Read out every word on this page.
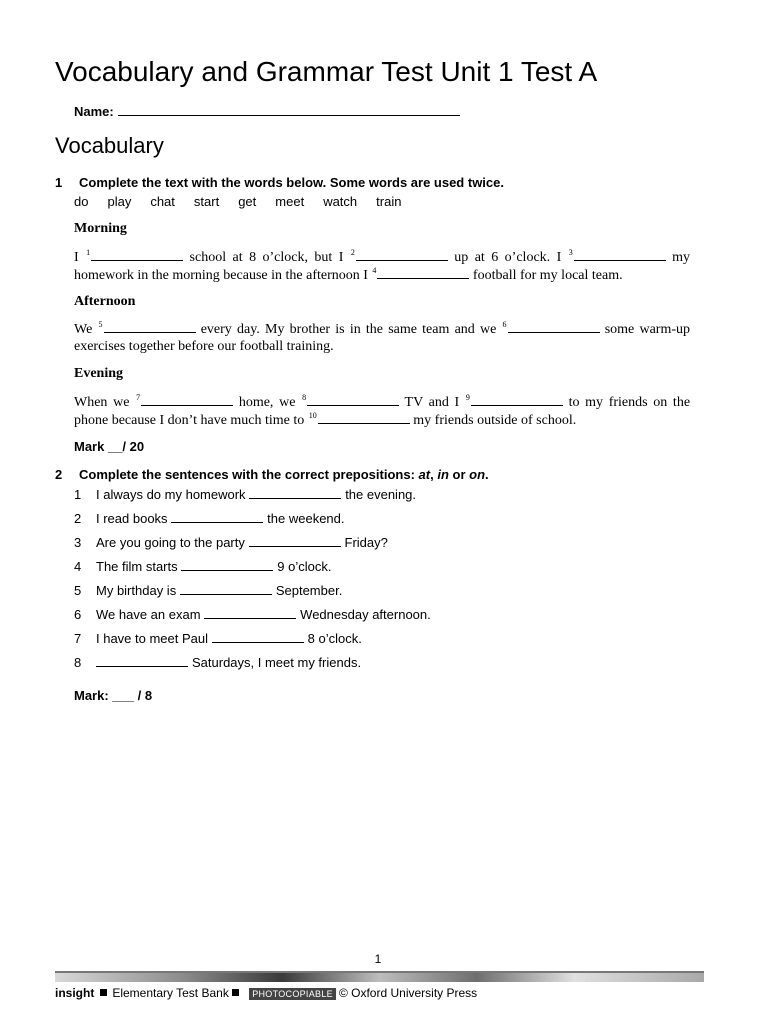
Vocabulary and Grammar Test Unit 1 Test A
Name:
Vocabulary
1 Complete the text with the words below. Some words are used twice.
do play chat start get meet watch train
Morning
I $^1$	school at 8 o’clock, but I $^2$	up at 6 o’clock. I $^3$	my homework in the morning because in the afternoon I $^4$	football for my local team.
Afternoon
We $^5$	every day. My brother is in the same team and we $^6$	some warm-up exercises together before our football training.
Evening
When we $^7$	home, we $^8$	TV and I $^9$	to my friends on the phone because I don’t have much time to $^{10}$	my friends outside of school.
Mark __/ 20
2 Complete the sentences with the correct prepositions: at, in or on.
1 I always do my homework	the evening.
2 I read books	the weekend.
3 Are you going to the party	Friday?
4 The film starts	9 o’clock.
5 My birthday is	September.
6 We have an exam	Wednesday afternoon.
7 I have to meet Paul	8 o’clock.
8	Saturdays, I meet my friends.
Mark: ___ / 8
1
insight Elementary Test Bank	PHOTOCOPIABLE © Oxford University Press
